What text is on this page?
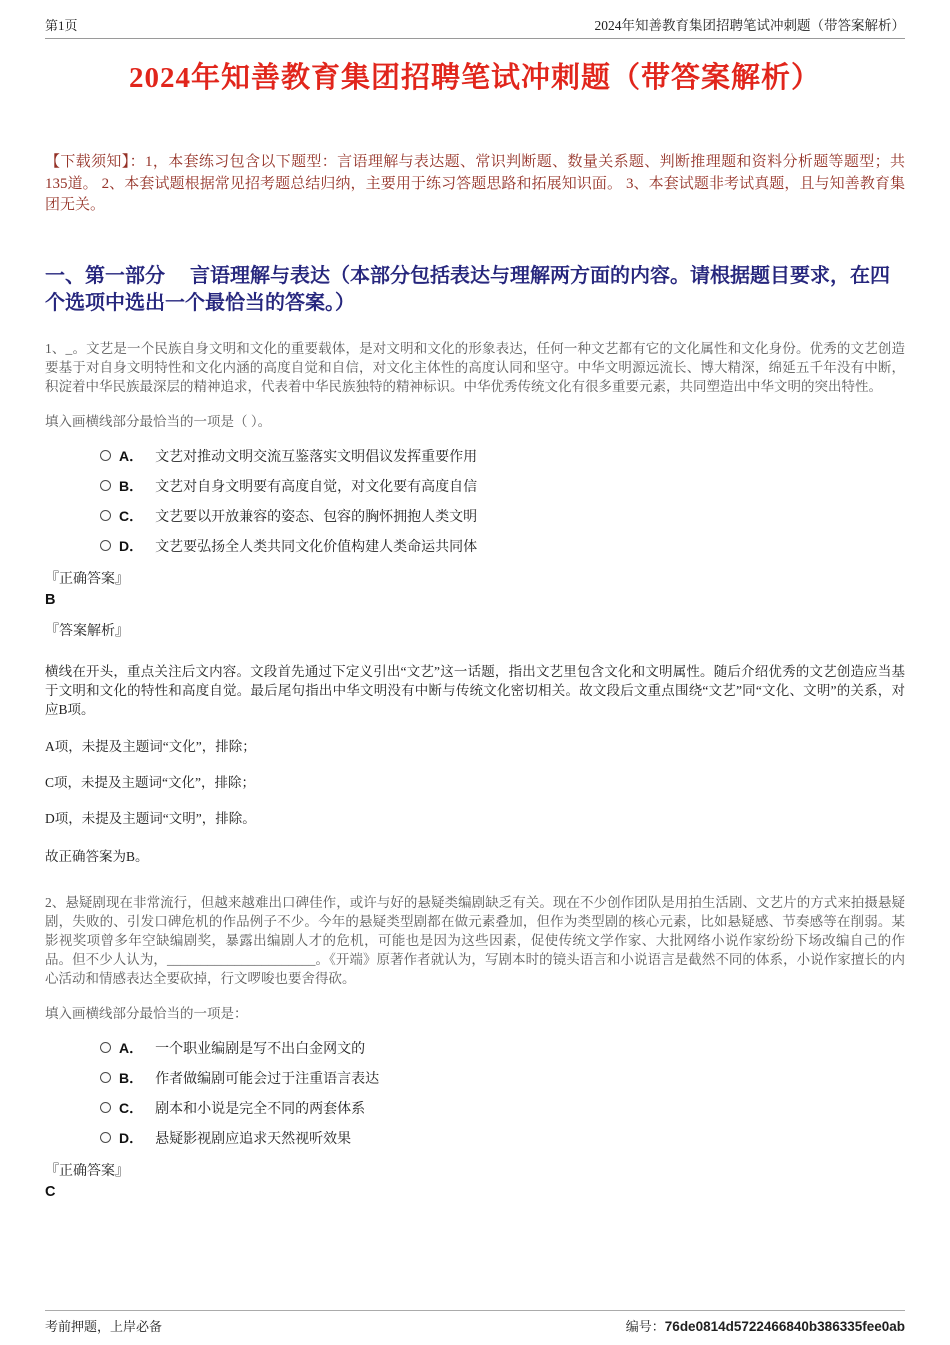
第1页	2024年知善教育集团招聘笔试冲刺题（带答案解析）
2024年知善教育集团招聘笔试冲刺题（带答案解析）
【下载须知】：1，本套练习包含以下题型：言语理解与表达题、常识判断题、数量关系题、判断推理题和资料分析题等题型；共135道。 2、本套试题根据常见招考题总结归纳，主要用于练习答题思路和拓展知识面。 3、本套试题非考试真题，且与知善教育集团无关。
一、第一部分　 言语理解与表达（本部分包括表达与理解两方面的内容。请根据题目要求，在四个选项中选出一个最恰当的答案。）
1、_。文艺是一个民族自身文明和文化的重要载体，是对文明和文化的形象表达，任何一种文艺都有它的文化属性和文化身份。优秀的文艺创造要基于对自身文明特性和文化内涵的高度自觉和自信，对文化主体性的高度认同和坚守。中华文明源远流长、博大精深，绵延五千年没有中断，积淀着中华民族最深层的精神追求，代表着中华民族独特的精神标识。中华优秀传统文化有很多重要元素，共同塑造出中华文明的突出特性。
填入画横线部分最恰当的一项是（ ）。
A． 文艺对推动文明交流互鉴落实文明倡议发挥重要作用
B． 文艺对自身文明要有高度自觉，对文化要有高度自信
C． 文艺要以开放兼容的姿态、包容的胸怀拥抱人类文明
D． 文艺要弘扬全人类共同文化价值构建人类命运共同体
『正确答案』
B
『答案解析』
横线在开头，重点关注后文内容。文段首先通过下定义引出“文艺”这一话题，指出文艺里包含文化和文明属性。随后介绍优秀的文艺创造应当基于文明和文化的特性和高度自觉。最后尾句指出中华文明没有中断与传统文化密切相关。故文段后文重点围绕“文艺”同“文化、文明”的关系，对应B项。
A项，未提及主题词“文化”，排除；
C项，未提及主题词“文化”，排除；
D项，未提及主题词“文明”，排除。
故正确答案为B。
2、悬疑剧现在非常流行，但越来越难出口碑佳作，或许与好的悬疑类编剧缺乏有关。现在不少创作团队是用拍生活剧、文艺片的方式来拍摄悬疑剧，失败的、引发口碑危机的作品例子不少。今年的悬疑类型剧都在做元素叠加，但作为类型剧的核心元素，比如悬疑感、节奏感等在削弱。某影视奖项曾多年空缺编剧奖，暴露出编剧人才的危机，可能也是因为这些因素，促使传统文学作家、大批网络小说作家纷纷下场改编自己的作品。但不少人认为，______________________。《开端》原著作者就认为，写剧本时的镜头语言和小说语言是截然不同的体系，小说作家擅长的内心活动和情感表达全要砍掉，行文啰唆也要舍得砍。
填入画横线部分最恰当的一项是：
A． 一个职业编剧是写不出白金网文的
B． 作者做编剧可能会过于注重语言表达
C． 剧本和小说是完全不同的两套体系
D． 悬疑影视剧应追求天然视听效果
『正确答案』
C
考前押题，上岸必备	编号：76de0814d5722466840b386335fee0ab
